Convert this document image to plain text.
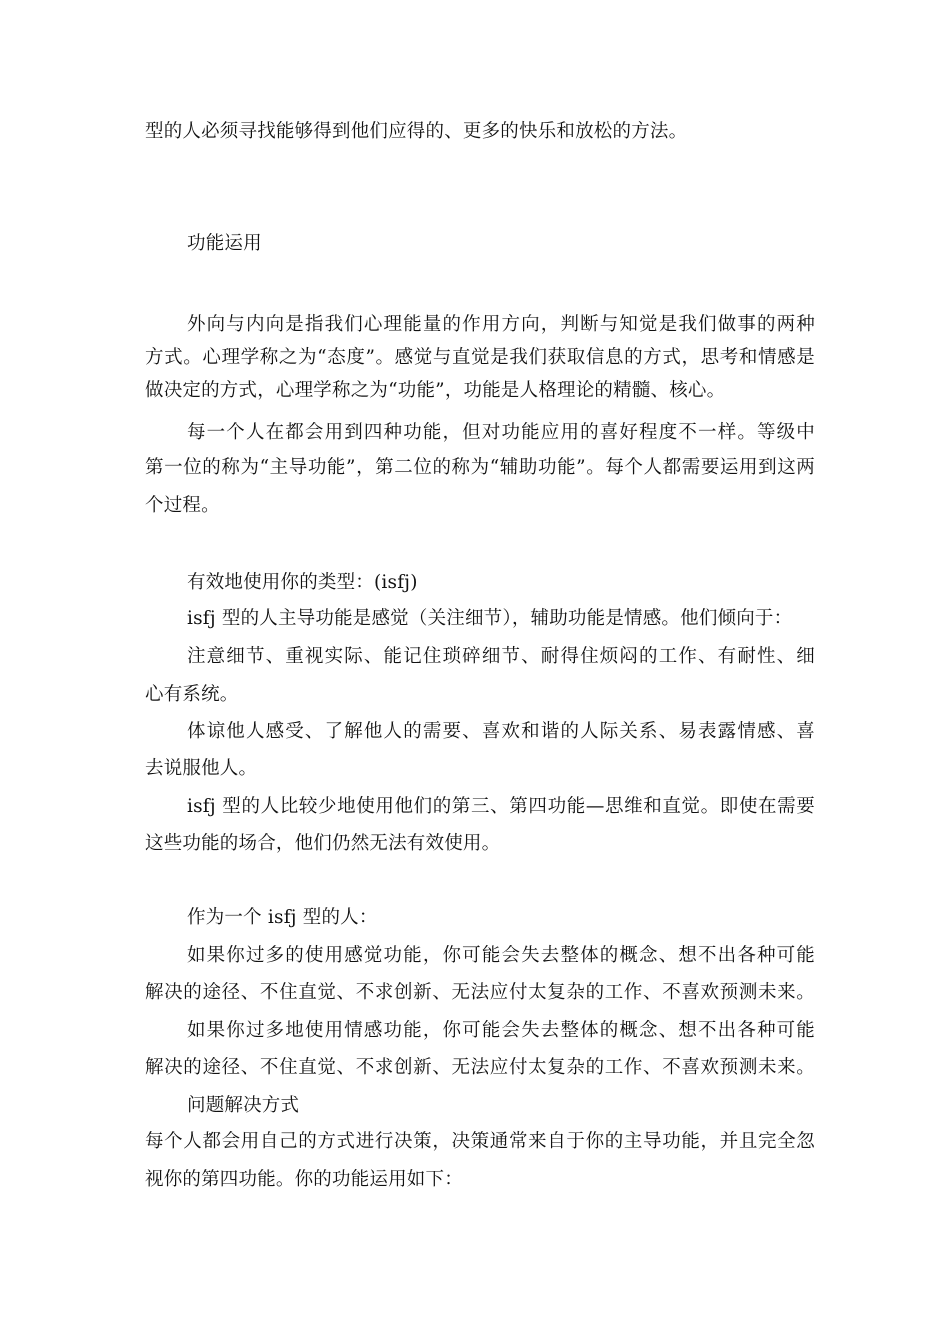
型的人必须寻找能够得到他们应得的、更多的快乐和放松的方法。
功能运用
外向与内向是指我们心理能量的作用方向，判断与知觉是我们做事的两种
方式。心理学称之为“态度”。感觉与直觉是我们获取信息的方式，思考和情感是
做决定的方式，心理学称之为“功能”，功能是人格理论的精髓、核心。
每一个人在都会用到四种功能，但对功能应用的喜好程度不一样。等级中
第一位的称为“主导功能”，第二位的称为“辅助功能”。每个人都需要运用到这两
个过程。
有效地使用你的类型：(isfj)
isfj 型的人主导功能是感觉（关注细节），辅助功能是情感。他们倾向于：
注意细节、重视实际、能记住琐碎细节、耐得住烦闷的工作、有耐性、细
心有系统。
体谅他人感受、了解他人的需要、喜欢和谐的人际关系、易表露情感、喜
去说服他人。
isfj 型的人比较少地使用他们的第三、第四功能—思维和直觉。即使在需要
这些功能的场合，他们仍然无法有效使用。
作为一个 isfj 型的人：
如果你过多的使用感觉功能，你可能会失去整体的概念、想不出各种可能
解决的途径、不住直觉、不求创新、无法应付太复杂的工作、不喜欢预测未来。
如果你过多地使用情感功能，你可能会失去整体的概念、想不出各种可能
解决的途径、不住直觉、不求创新、无法应付太复杂的工作、不喜欢预测未来。
问题解决方式
每个人都会用自己的方式进行决策，决策通常来自于你的主导功能，并且完全忽
视你的第四功能。你的功能运用如下：
